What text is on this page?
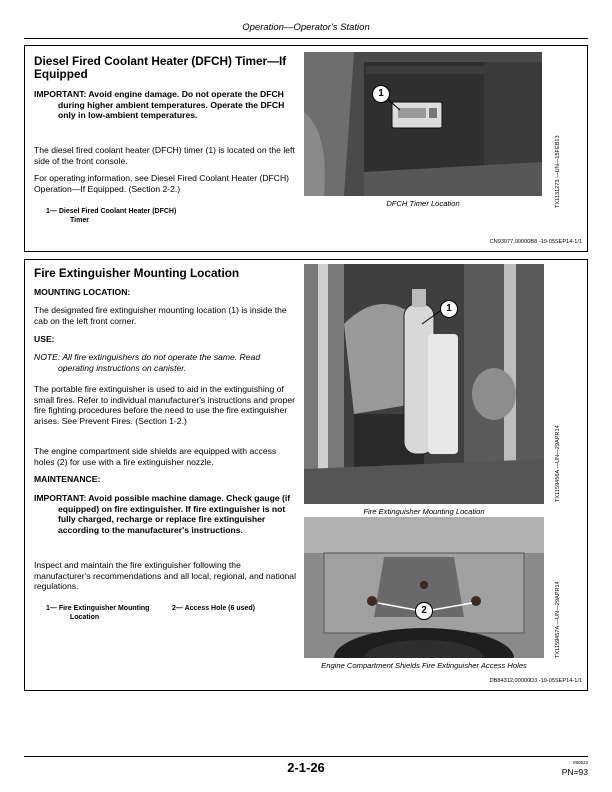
Operation—Operator's Station
Diesel Fired Coolant Heater (DFCH) Timer—If Equipped
IMPORTANT: Avoid engine damage. Do not operate the DFCH during higher ambient temperatures. Operate the DFCH only in low-ambient temperatures.
The diesel fired coolant heater (DFCH) timer (1) is located on the left side of the front console.
For operating information, see Diesel Fired Coolant Heater (DFCH) Operation—If Equipped. (Section 2-2.)
1— Diesel Fired Coolant Heater (DFCH) Timer
1
TX1131273 —UN—15FEB13
DFCH Timer Location
CN93077,00000B8 -19-05SEP14-1/1
Fire Extinguisher Mounting Location
MOUNTING LOCATION:
The designated fire extinguisher mounting location (1) is inside the cab on the left front corner.
USE:
NOTE: All fire extinguishers do not operate the same. Read operating instructions on canister.
The portable fire extinguisher is used to aid in the extinguishing of small fires. Refer to individual manufacturer's instructions and proper fire fighting procedures before the need to use the fire extinguisher arises. See Prevent Fires. (Section 1-2.)
The engine compartment side shields are equipped with access holes (2) for use with a fire extinguisher nozzle.
MAINTENANCE:
IMPORTANT: Avoid possible machine damage. Check gauge (if equipped) on fire extinguisher. If fire extinguisher is not fully charged, recharge or replace fire extinguisher according to the manufacturer's instructions.
Inspect and maintain the fire extinguisher following the manufacturer's recommendations and all local, regional, and national regulations.
1— Fire Extinguisher Mounting Location
2— Access Hole (6 used)
1
TX1159456A —UN—29APR14
Fire Extinguisher Mounting Location
2	TX1159457A —UN—29APR14
Engine Compartment Shields Fire Extinguisher Access Holes
DB84312,00000D3 -19-05SEP14-1/1
2-1-26	090523
PN=93
